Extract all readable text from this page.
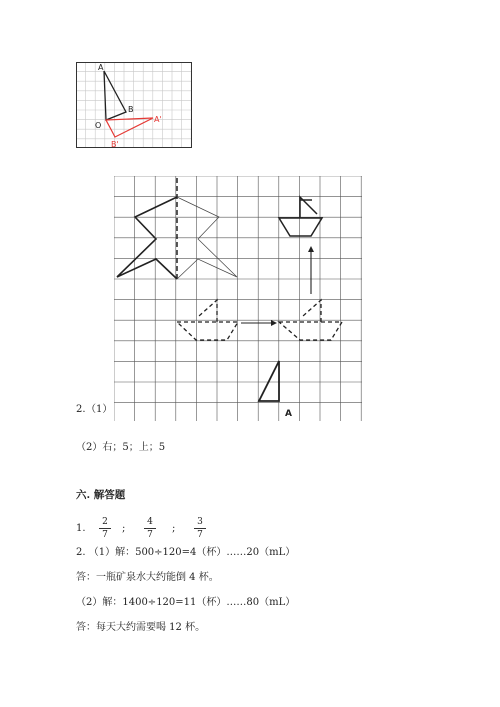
A
B
O
A'
B'
A
2. （1）
（2）右；5；上；5
六. 解答题
1.
2
7
;
4
7
;
3
7
2. （1）解：500÷120=4（杯）……20（mL）
答：一瓶矿泉水大约能倒 4 杯。
（2）解：1400÷120=11（杯）……80（mL）
答：每天大约需要喝 12 杯。
